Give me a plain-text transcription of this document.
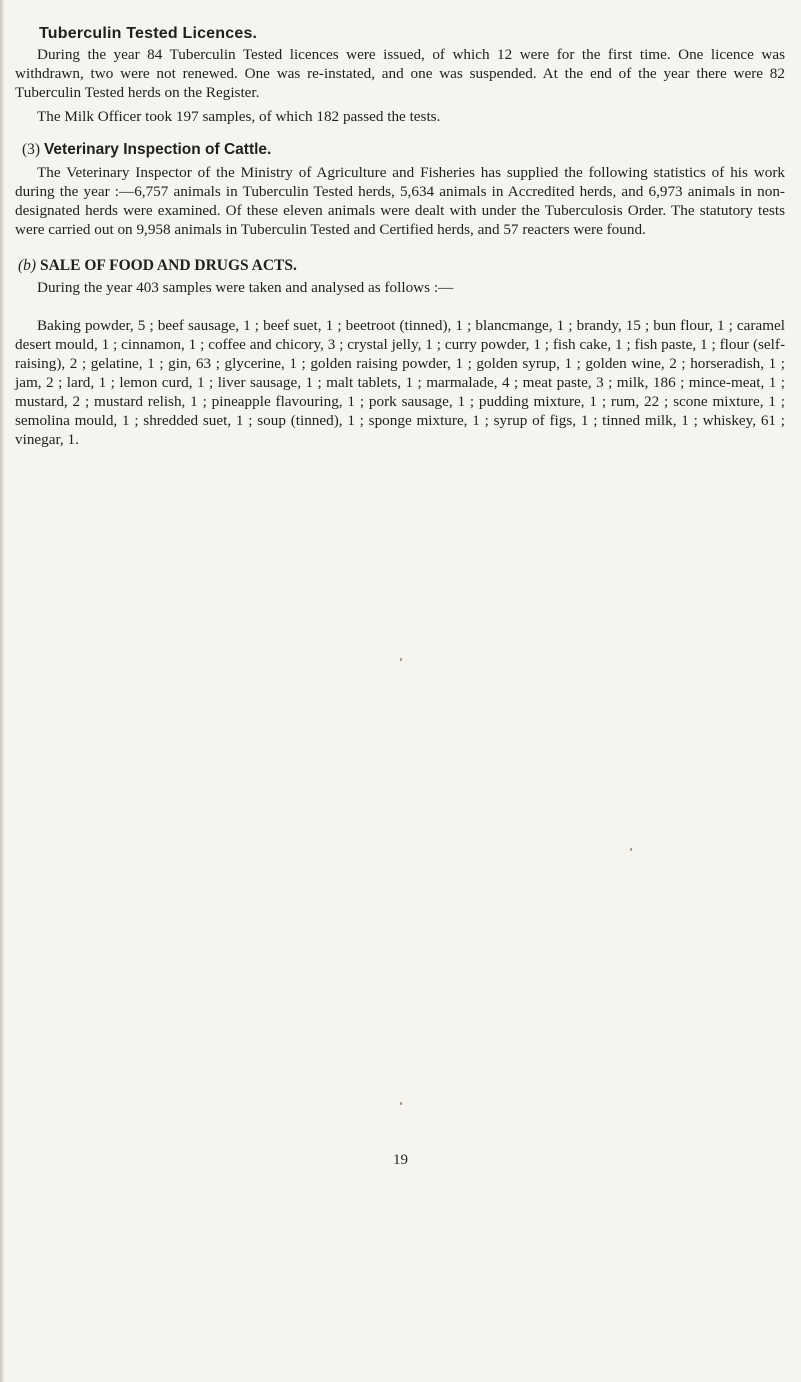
Tuberculin Tested Licences.

During the year 84 Tuberculin Tested licences were issued, of which 12 were for the first time. One licence was withdrawn, two were not renewed. One was re-instated, and one was suspended. At the end of the year there were 82 Tuberculin Tested herds on the Register.

The Milk Officer took 197 samples, of which 182 passed the tests.

(3) Veterinary Inspection of Cattle.

The Veterinary Inspector of the Ministry of Agriculture and Fisheries has supplied the following statistics of his work during the year :—6,757 animals in Tuberculin Tested herds, 5,634 animals in Accredited herds, and 6,973 animals in non-designated herds were examined. Of these eleven animals were dealt with under the Tuberculosis Order. The statutory tests were carried out on 9,958 animals in Tuberculin Tested and Certified herds, and 57 reacters were found.

(b) SALE OF FOOD AND DRUGS ACTS.

During the year 403 samples were taken and analysed as follows :—

Baking powder, 5 ; beef sausage, 1 ; beef suet, 1 ; beetroot (tinned), 1 ; blancmange, 1 ; brandy, 15 ; bun flour, 1 ; caramel desert mould, 1 ; cinnamon, 1 ; coffee and chicory, 3 ; crystal jelly, 1 ; curry powder, 1 ; fish cake, 1 ; fish paste, 1 ; flour (self-raising), 2 ; gelatine, 1 ; gin, 63 ; glycerine, 1 ; golden raising powder, 1 ; golden syrup, 1 ; golden wine, 2 ; horseradish, 1 ; jam, 2 ; lard, 1 ; lemon curd, 1 ; liver sausage, 1 ; malt tablets, 1 ; marmalade, 4 ; meat paste, 3 ; milk, 186 ; mince-meat, 1 ; mustard, 2 ; mustard relish, 1 ; pineapple flavouring, 1 ; pork sausage, 1 ; pudding mixture, 1 ; rum, 22 ; scone mixture, 1 ; semolina mould, 1 ; shredded suet, 1 ; soup (tinned), 1 ; sponge mixture, 1 ; syrup of figs, 1 ; tinned milk, 1 ; whiskey, 61 ; vinegar, 1.

19
